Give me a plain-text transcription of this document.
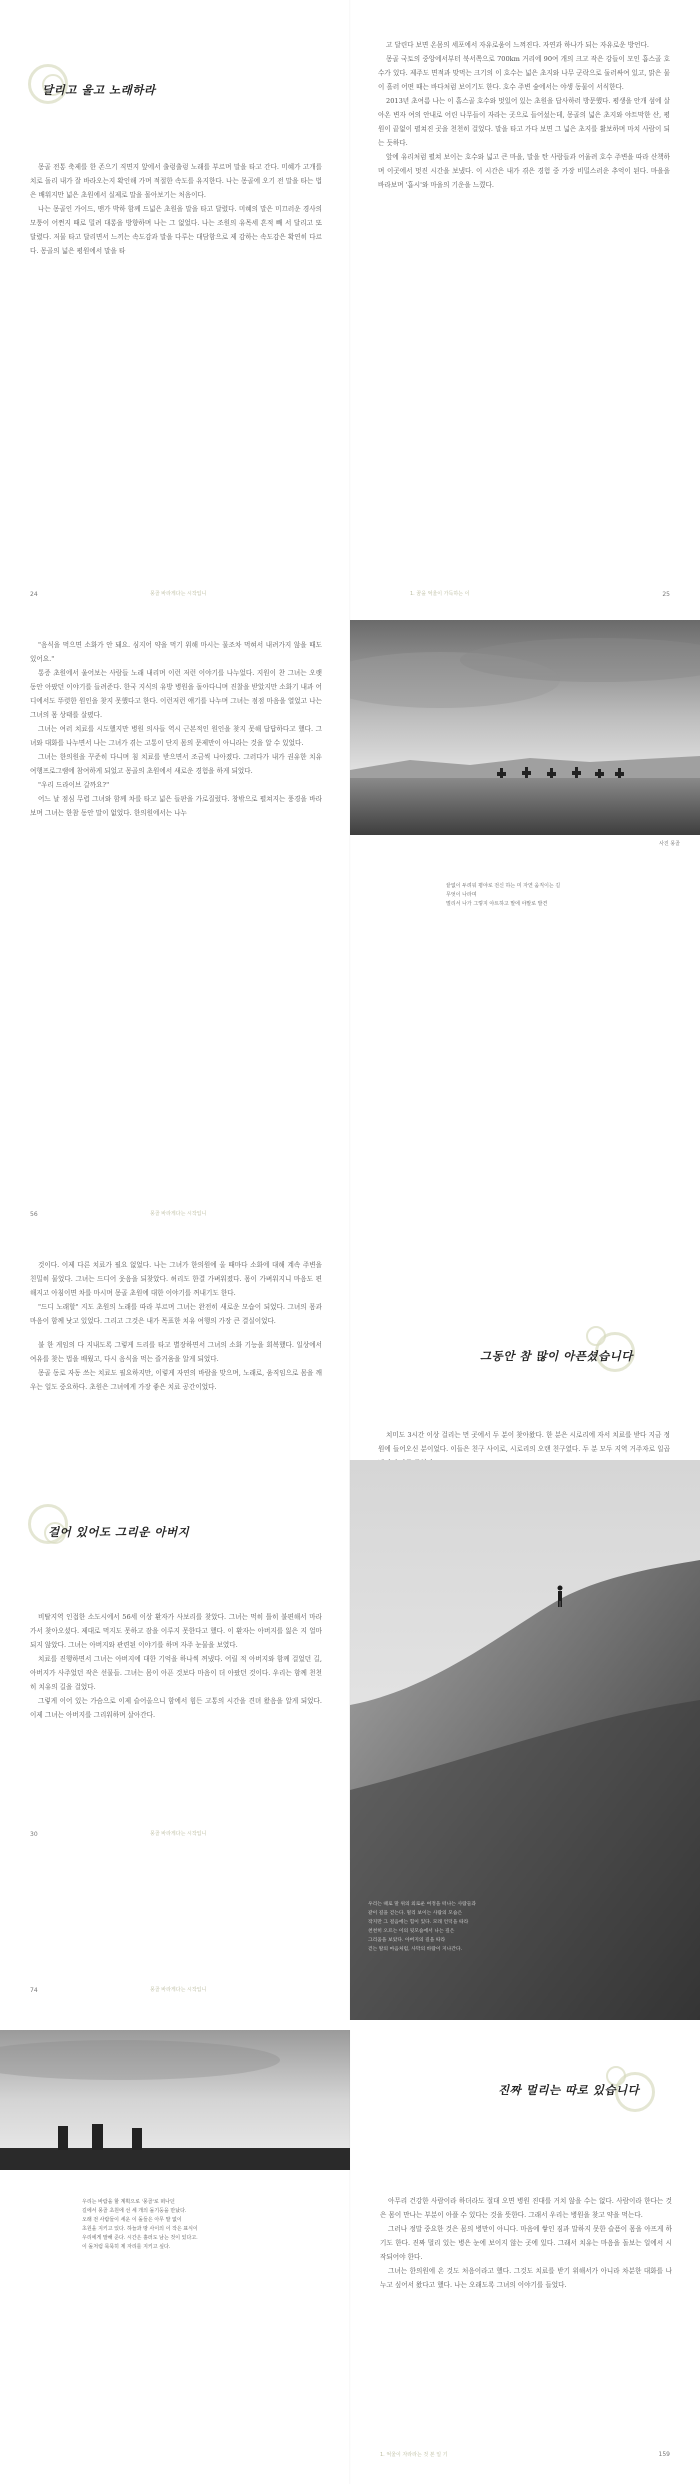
달리고 울고 노래하라

몽골 전통 축제를 한 존으기 직면지 앞에서 출렁출렁 노래를 부르며 말을 타고 간다. 미혜가 고개를 치로 돌리 내가 잘 바라오는지 확인해 가며 적절한 속도를 유지한다. 나는 몽골에 오기 전 말을 타는 법은 배워지만 넓은 초원에서 실제로 말을 몰아보기는 처음이다.

나는 몽골인 가이드, 맨가 박하 함께 드넓은 초원을 말을 타고 달렸다. 미혜의 말은 미끄러운 경사의 모퉁이 어쩐지 때로 밀려 대롱을 방향하며 나는 그 없었다. 나는 조원의 유목세 흔적 빼 서 달리고 또 달렸다. 저물 타고 달리면서 느끼는 속도감과 말을 다루는 대담함으로 제 감하는 속도감은 확연히 다르다. 몽골의 넓은 평원에서 말을 타

24	몽골 바라게다는 시작입니

고 달린다 보면 온몸의 세포에서 자유로움이 느껴진다. 자연과 하나가 되는 자유로운 방언다.

몽골 국토의 중앙에서부터 북서쪽으로 700km 거리에 90여 개의 크고 작은 강들이 모인 흡스골 호수가 있다. 제주도 면적과 맞먹는 크기의 이 호수는 넓은 초지와 나무 군락으로 둘러싸여 있고, 맑은 물이 흘러 어떤 때는 바다처럼 보이기도 한다. 호수 주변 숲에서는 야생 동물이 서식한다.

2013년 초여름 나는 이 홉스골 호수와 멋있어 있는 초원을 답사하러 방문했다. 평생을 안개 섬에 살아온 변자 여의 안내로 어린 나무들이 자라는 곳으로 들어섰는데, 몽골의 넓은 초지와 야트막한 산, 평원이 끝없이 펼쳐진 곳을 천천히 걸었다. 말을 타고 가다 보면 그 넓은 초지를 활보하며 마치 사람이 되는 듯하다.

앞에 유리처럼 펼쳐 보이는 호수와 넓고 큰 마을, 말을 탄 사람들과 어울려 호수 주변을 따라 산책하며 이곳에서 멋진 시간을 보냈다. 이 시간은 내가 겪은 경험 중 가장 비밀스러운 추억이 된다. 마을을 바라보며 '흡시'와 마을의 기운을 느꼈다.

1. 꿈을 억울이 가득하는 이	25

"음식을 먹으면 소화가 안 돼요. 심지어 약을 먹기 위해 마시는 물조차 먹혀서 내려가지 않을 때도 있어요."

통증 초원에서 울어보는 사람들 노래 내리며 이런 저런 이야기를 나누었다. 지원이 찬 그녀는 오랫동안 아팠던 이야기를 들려준다. 한국 지식의 유방 병원을 돌아다니며 진찰을 받았지만 소화기 내과 어디에서도 뚜렷한 원인을 찾지 못했다고 한다. 이런저런 얘기를 나누며 그녀는 점점 마음을 열었고 나는 그녀의 몸 상태를 살폈다.

그녀는 여러 치료를 시도했지만 병원 의사들 역시 근본적인 원인을 찾지 못해 답답하다고 했다. 그녀와 대화를 나누면서 나는 그녀가 겪는 고통이 단지 몸의 문제만이 아니라는 것을 알 수 있었다.

그녀는 한의원을 꾸준히 다니며 침 치료를 받으면서 조금씩 나아졌다. 그러다가 내가 권유한 치유 여행프로그램에 참여하게 되었고 몽골의 초원에서 새로운 경험을 하게 되었다.

"우리 드라이브 갈까요?"

어느 날 점심 무렵 그녀와 함께 차를 타고 넓은 들판을 가로질렀다. 창밖으로 펼쳐지는 풍경을 바라보며 그녀는 한참 동안 말이 없었다. 한의원에서는 나누

56	몽골 바라게다는 시작입니
사진 몽골
끝없이 두려워 평야로 전신 하는 미 자연 움직이는 길
무엇이 나라며
멀리서 나가 그렇지 야트하고 말에 야말로 발견

것이다. 이제 다른 치료가 필요 없었다. 나는 그녀가 한의원에 올 때마다 소화에 대해 계속 주변을 친밀히 물었다. 그녀는 드디어 웃음을 되찾았다. 허리도 한결 가벼워졌다. 몸이 가벼워지니 마음도 편해지고 아침이면 차를 마시며 몽골 초원에 대한 이야기를 꺼내기도 한다.

"드디 노래할" 지도 초원의 노래를 따라 부르며 그녀는 완전히 새로운 모습이 되었다. 그녀의 몸과 마음이 함께 낫고 있었다. 그리고 그것은 내가 목표한 치유 여행의 가장 큰 결실이었다.

불 한 게임의 다 지내도록 그렇게 드리를 타고 별장하면서 그녀의 소화 기능을 회복했다. 일상에서 여유를 찾는 법을 배웠고, 다시 음식을 먹는 즐거움을 알게 되었다.

몽골 동로 자동 쓰는 치료도 필요하지만, 이렇게 자연의 바람을 맞으며, 노래로, 움직임으로 몸을 깨우는 일도 중요하다. 초원은 그녀에게 가장 좋은 치료 공간이었다.

30	몽골 바라게다는 시작입니
그동안 참 많이 아픈셨습니다

치미도 3시간 이상 걸리는 먼 곳에서 두 분이 찾아왔다. 한 분은 시로리에 자서 치료를 받다 지금 정원에 들어오신 분이었다. 이들은 친구 사이로, 시로리의 오랜 친구였다. 두 분 모두 지역 거주자로 일곱

걸어 있어도 그리운 아버지

비탈지역 인접한 소도시에서 56세 이상 환자가 사보리를 찾았다. 그녀는 먹히 틀히 불편해서 마라가서 찾아오셨다. 제대로 먹지도 못하고 잠을 이루지 못한다고 했다. 이 환자는 아버지를 잃은 지 얼마 되지 않았다. 그녀는 아버지와 관련된 이야기를 하며 자주 눈물을 보였다.

치료를 진행하면서 그녀는 아버지에 대한 기억을 하나씩 꺼냈다. 어릴 적 아버지와 함께 걸었던 길, 아버지가 사주었던 작은 선물들. 그녀는 몸이 아픈 것보다 마음이 더 아팠던 것이다. 우리는 함께 천천히 치유의 길을 걸었다.

그렇게 이어 있는 가슴으로 이제 슬어올으니 함에서 힘든 고통의 시간을 견뎌 왔음을 알게 되었다. 이제 그녀는 아버지를 그리워하며 살아간다.

74	몽골 바라게다는 시작입니
우리는 때로 말 위의 외로운 여정을 떠나는 사람들과
같이 길을 걷는다. 멀리 보이는 사람의 모습은
작지만 그 걸음에는 힘이 있다. 모래 언덕을 따라
천천히 오르는 이의 뒷모습에서 나는 깊은
그리움을 보았다. 아버지의 길을 따라
걷는 딸의 마음처럼, 사막의 바람이 지나간다.
우리는 바람을 할 계획으로 '몽골'로 떠나던
길에서 몽골 초원에 선 세 개의 돌기둥을 만났다.
오래 전 사람들이 세운 이 돌들은 아무 말 없이
초원을 지키고 있다. 하늘과 땅 사이의 이 작은 표식이
우리에게 말해 준다. 시간은 흘러도 남는 것이 있다고.
이 돌처럼 묵묵히 제 자리를 지키고 싶다.
진짜 멀리는 따로 있습니다

아무리 건강한 사람이라 하더라도 절대 오면 병원 진대를 거치 않을 수는 없다. 사람이라 한다는 것은 몸이 만나는 부분이 아플 수 있다는 것을 뜻한다. 그래서 우리는 병원을 찾고 약을 먹는다.

그러나 정말 중요한 것은 몸의 병만이 아니다. 마음에 쌓인 짐과 말하지 못한 슬픔이 몸을 아프게 하기도 한다. 진짜 멀리 있는 병은 눈에 보이지 않는 곳에 있다. 그래서 치유는 마음을 돌보는 일에서 시작되어야 한다.

그녀는 한의원에 온 것도 처음이라고 했다. 그것도 치료를 받기 위해서가 아니라 차분한 대화를 나누고 싶어서 왔다고 했다. 나는 오래도록 그녀의 이야기를 들었다.

1. 억울이 자라라는 것 본 일 기	159
